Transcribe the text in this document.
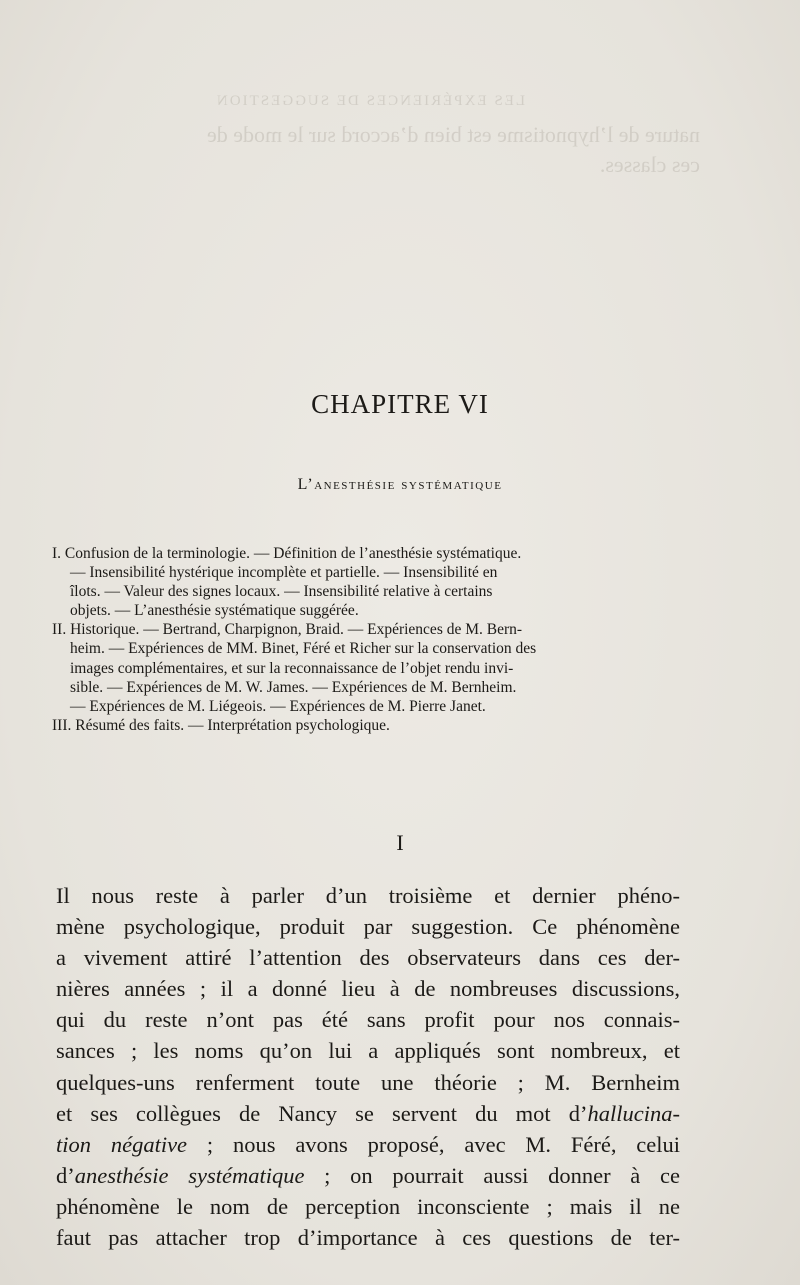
LES EXPÉRIENCES DE SUGGESTION
nature de l’hypnotisme est bien d’accord sur le mode de
ces classes.
CHAPITRE VI
L’anesthésie systématique

I. Confusion de la terminologie. — Définition de l’anesthésie systématique.

— Insensibilité hystérique incomplète et partielle. — Insensibilité en

îlots. — Valeur des signes locaux. — Insensibilité relative à certains

objets. — L’anesthésie systématique suggérée.

II. Historique. — Bertrand, Charpignon, Braid. — Expériences de M. Bern-

heim. — Expériences de MM. Binet, Féré et Richer sur la conservation des

images complémentaires, et sur la reconnaissance de l’objet rendu invi-

sible. — Expériences de M. W. James. — Expériences de M. Bernheim.

— Expériences de M. Liégeois. — Expériences de M. Pierre Janet.

III. Résumé des faits. — Interprétation psychologique.

I
Il nous reste à parler d’un troisième et dernier phéno-
mène psychologique, produit par suggestion. Ce phénomène
a vivement attiré l’attention des observateurs dans ces der-
nières années ; il a donné lieu à de nombreuses discussions,
qui du reste n’ont pas été sans profit pour nos connais-
sances ; les noms qu’on lui a appliqués sont nombreux, et
quelques-uns renferment toute une théorie ; M. Bernheim
et ses collègues de Nancy se servent du mot d’hallucina-
tion négative ; nous avons proposé, avec M. Féré, celui
d’anesthésie systématique ; on pourrait aussi donner à ce
phénomène le nom de perception inconsciente ; mais il ne
faut pas attacher trop d’importance à ces questions de ter-
